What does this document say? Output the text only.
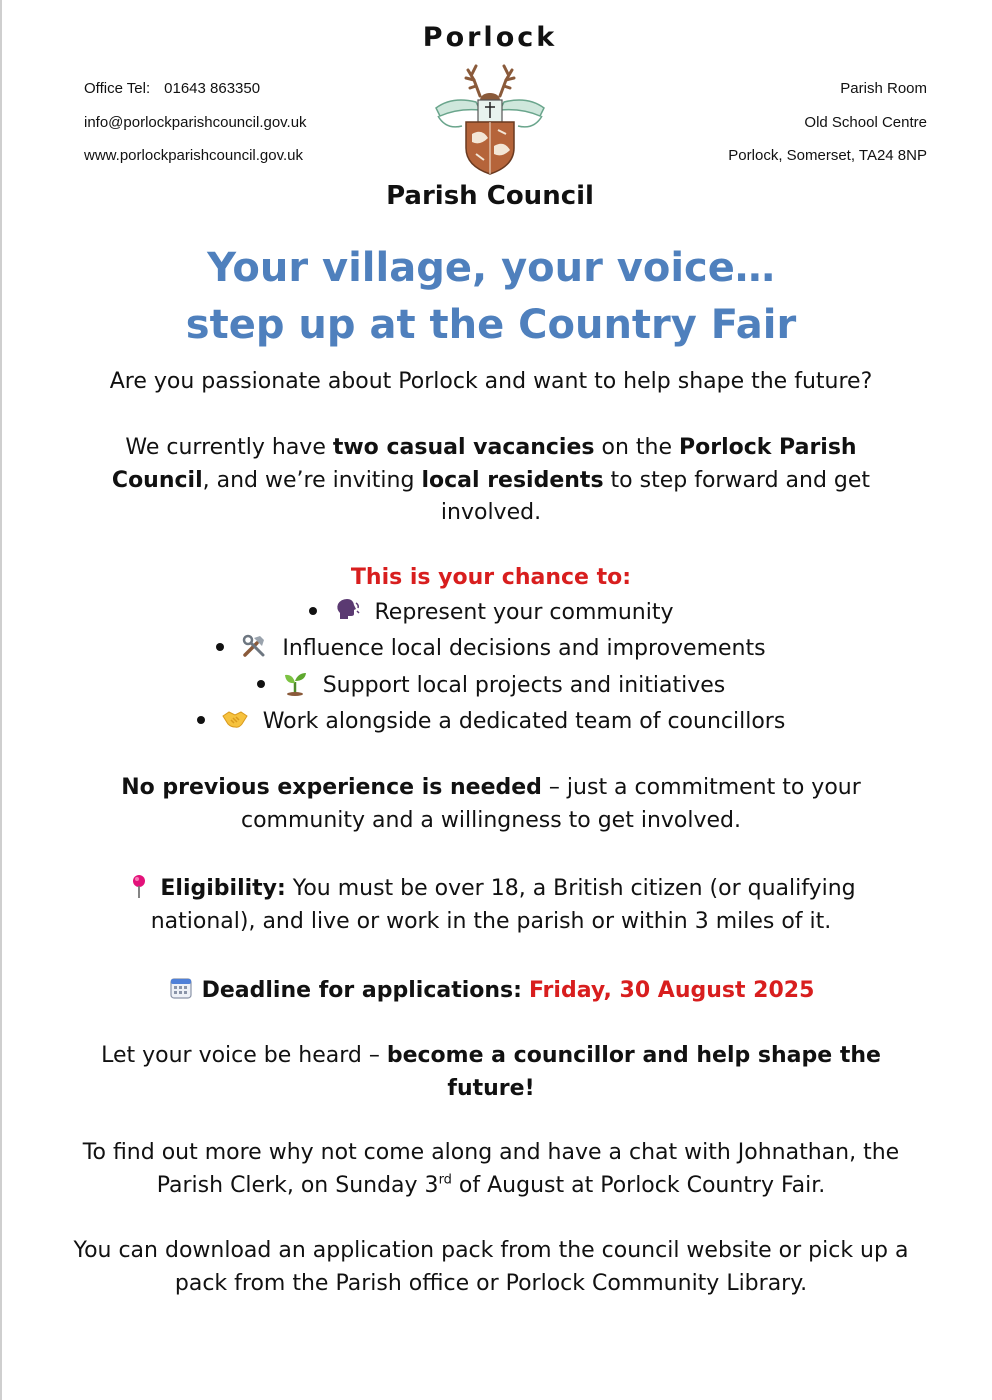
Porlock
Office Tel: 01643 863350
info@porlockparishcouncil.gov.uk
www.porlockparishcouncil.gov.uk
Parish Room
Old School Centre
Porlock, Somerset, TA24 8NP
Parish Council
Your village, your voice…
step up at the Country Fair
Are you passionate about Porlock and want to help shape the future?
We currently have two casual vacancies on the Porlock Parish Council, and we’re inviting local residents to step forward and get involved.
This is your chance to:

Represent your community

Influence local decisions and improvements

Support local projects and initiatives

Work alongside a dedicated team of councillors
No previous experience is needed – just a commitment to your community and a willingness to get involved.
Eligibility: You must be over 18, a British citizen (or qualifying national), and live or work in the parish or within 3 miles of it.
Deadline for applications: Friday, 30 August 2025
Let your voice be heard – become a councillor and help shape the future!
To find out more why not come along and have a chat with Johnathan, the Parish Clerk, on Sunday 3rd of August at Porlock Country Fair.
You can download an application pack from the council website or pick up a pack from the Parish office or Porlock Community Library.
